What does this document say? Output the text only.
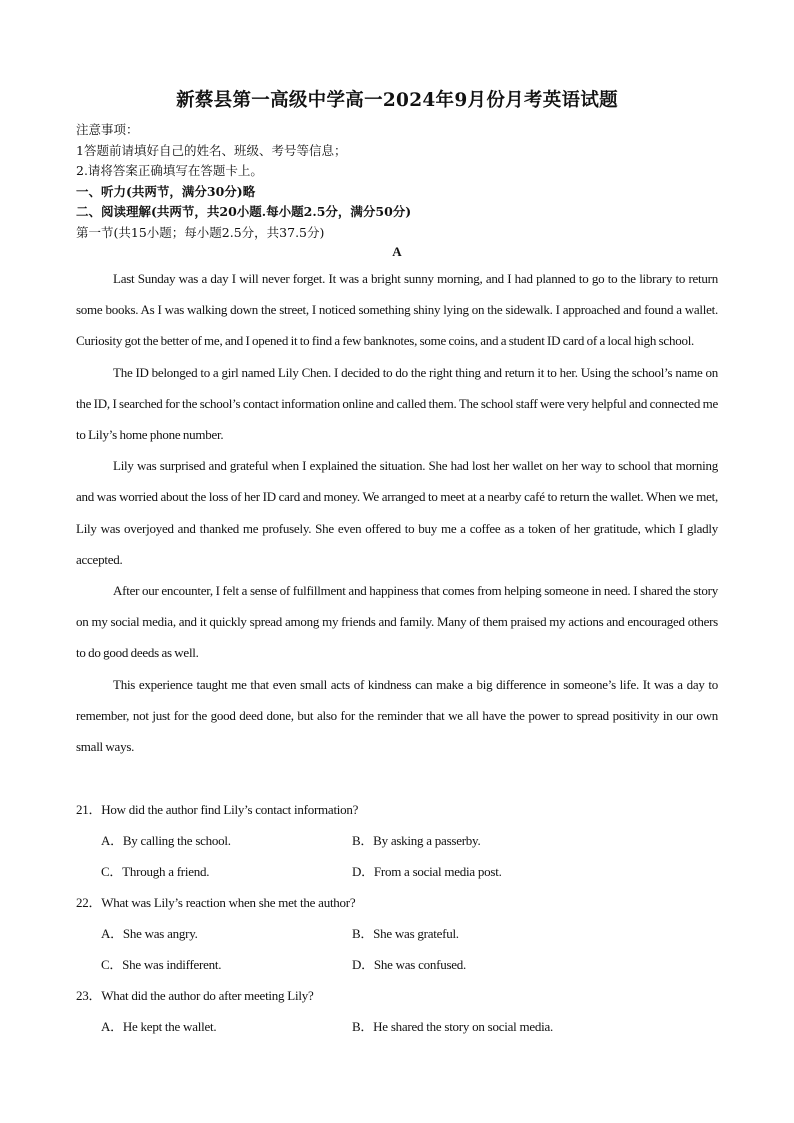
新蔡县第一高级中学高一2024年9月份月考英语试题
注意事项：
1答题前请填好自己的姓名、班级、考号等信息；
2.请将答案正确填写在答题卡上。
一、听力(共两节，满分30分)略
二、阅读理解(共两节，共20小题.每小题2.5分，满分50分)
第一节(共15小题；每小题2.5分，共37.5分)
A

Last Sunday was a day I will never forget. It was a bright sunny morning, and I had planned to go to the library to return some books. As I was walking down the street, I noticed something shiny lying on the sidewalk. I approached and found a wallet. Curiosity got the better of me, and I opened it to find a few banknotes, some coins, and a student ID card of a local high school.

The ID belonged to a girl named Lily Chen. I decided to do the right thing and return it to her. Using the school’s name on the ID, I searched for the school’s contact information online and called them. The school staff were very helpful and connected me to Lily’s home phone number.

Lily was surprised and grateful when I explained the situation. She had lost her wallet on her way to school that morning and was worried about the loss of her ID card and money. We arranged to meet at a nearby café to return the wallet. When we met, Lily was overjoyed and thanked me profusely. She even offered to buy me a coffee as a token of her gratitude, which I gladly accepted.

After our encounter, I felt a sense of fulfillment and happiness that comes from helping someone in need. I shared the story on my social media, and it quickly spread among my friends and family. Many of them praised my actions and encouraged others to do good deeds as well.

This experience taught me that even small acts of kindness can make a big difference in someone’s life. It was a day to remember, not just for the good deed done, but also for the reminder that we all have the power to spread positivity in our own small ways.

21．How did the author find Lily’s contact information?
A．By calling the school.	B．By asking a passerby.
C．Through a friend.	D．From a social media post.
22．What was Lily’s reaction when she met the author?
A．She was angry.	B．She was grateful.
C．She was indifferent.	D．She was confused.
23．What did the author do after meeting Lily?
A．He kept the wallet.	B．He shared the story on social media.
